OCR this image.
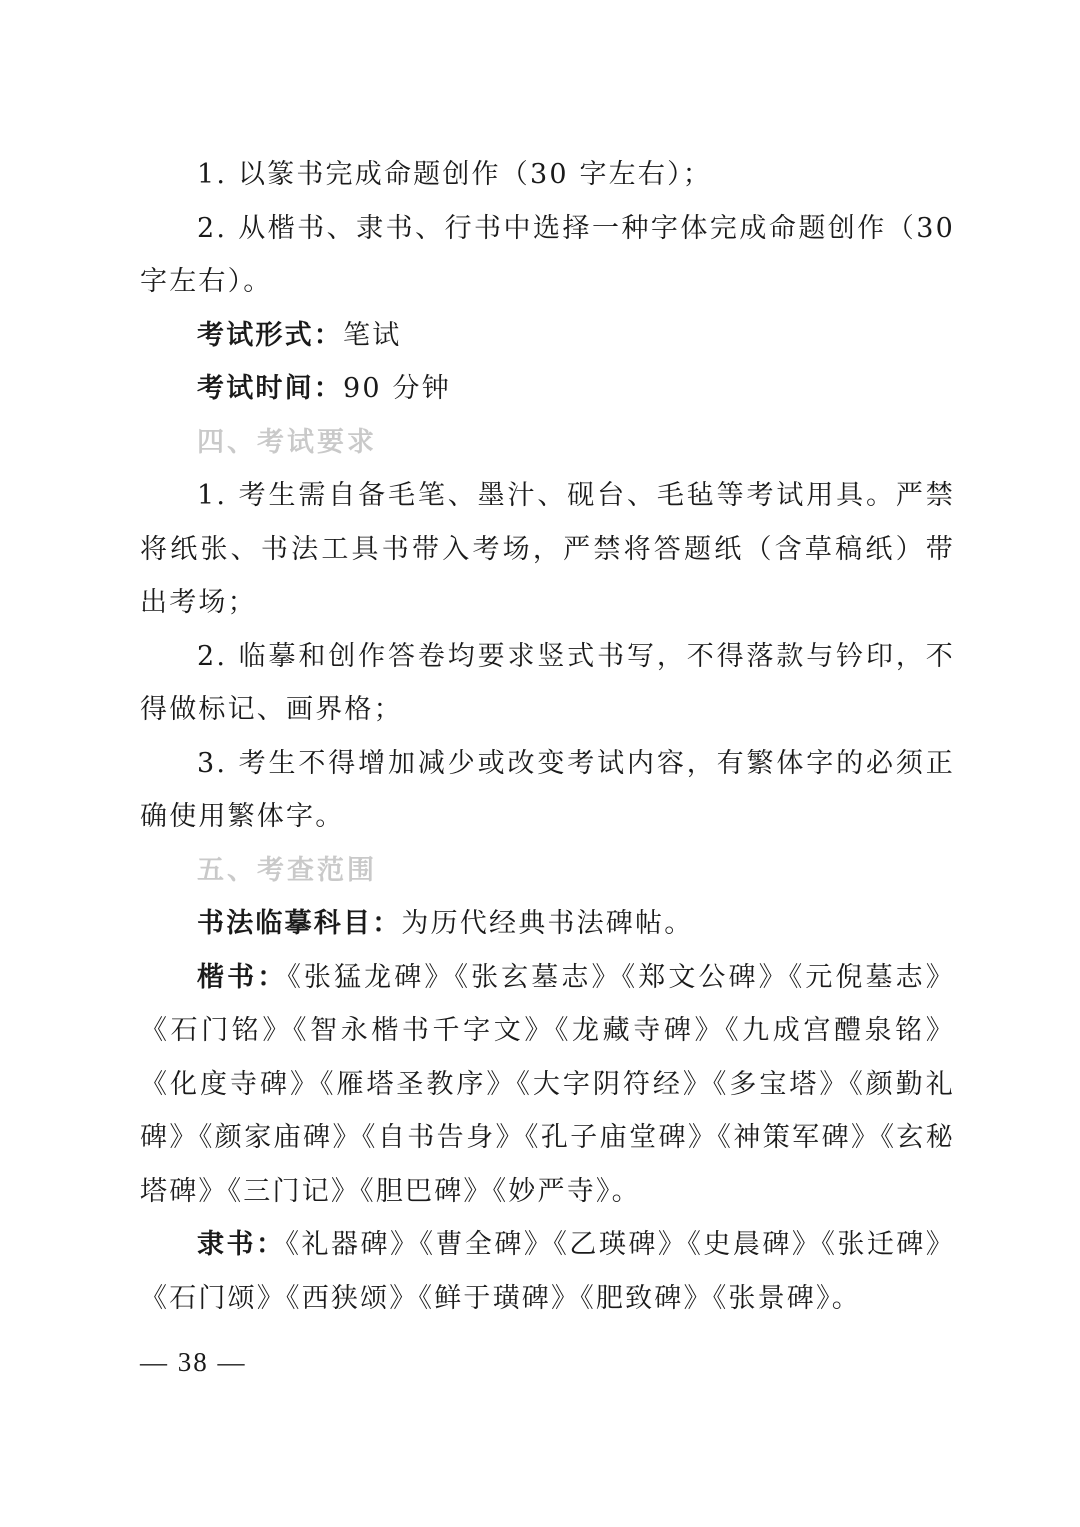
1. 以篆书完成命题创作（30 字左右）；

2. 从楷书、隶书、行书中选择一种字体完成命题创作（30 字左右）。

考试形式：笔试

考试时间：90 分钟

四、考试要求

1. 考生需自备毛笔、墨汁、砚台、毛毡等考试用具。严禁将纸张、书法工具书带入考场，严禁将答题纸（含草稿纸）带出考场；

2. 临摹和创作答卷均要求竖式书写，不得落款与钤印，不得做标记、画界格；

3. 考生不得增加减少或改变考试内容，有繁体字的必须正确使用繁体字。

五、考查范围

书法临摹科目：为历代经典书法碑帖。

楷书：《张猛龙碑》《张玄墓志》《郑文公碑》《元倪墓志》《石门铭》《智永楷书千字文》《龙藏寺碑》《九成宫醴泉铭》《化度寺碑》《雁塔圣教序》《大字阴符经》《多宝塔》《颜勤礼碑》《颜家庙碑》《自书告身》《孔子庙堂碑》《神策军碑》《玄秘塔碑》《三门记》《胆巴碑》《妙严寺》。

隶书：《礼器碑》《曹全碑》《乙瑛碑》《史晨碑》《张迁碑》《石门颂》《西狭颂》《鲜于璜碑》《肥致碑》《张景碑》。

— 38 —
